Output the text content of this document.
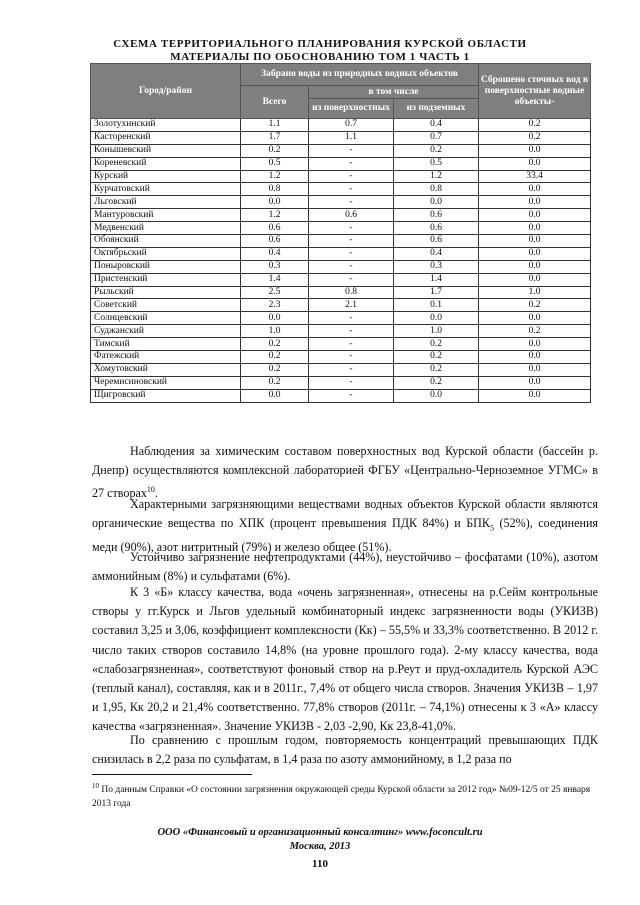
СХЕМА ТЕРРИТОРИАЛЬНОГО ПЛАНИРОВАНИЯ КУРСКОЙ ОБЛАСТИ
МАТЕРИАЛЫ ПО ОБОСНОВАНИЮ ТОМ 1 ЧАСТЬ 1
Город/район	Забрано воды из природных водных объектов			Сброшено сточных вод в поверхностные водные объекты-
	Всего	в том числе		
		из поверхностных	из подземных	
Золотухинский	1.1	0.7	0.4	0.2
Касторенский	1.7	1.1	0.7	0.2
Конышевский	0.2	-	0.2	0.0
Кореневский	0.5	-	0.5	0.0
Курский	1.2	-	1.2	33.4
Курчатовский	0.8	-	0.8	0.0
Льговский	0.0	-	0.0	0.0
Мантуровский	1.2	0.6	0.6	0.0
Медвенский	0.6	-	0.6	0.0
Обоянский	0.6	-	0.6	0.0
Октябрьский	0.4	-	0.4	0.0
Поныровский	0.3	-	0.3	0.0
Пристенский	1.4	-	1.4	0.0
Рыльский	2.5	0.8	1.7	1.0
Советский	2.3	2.1	0.1	0.2
Солнцевский	0.0	-	0.0	0.0
Суджанский	1.0	-	1.0	0.2
Тимский	0.2	-	0.2	0.0
Фатежский	0.2	-	0.2	0.0
Хомутовский	0.2	-	0.2	0.0
Черемисиновский	0.2	-	0.2	0.0
Щигровский	0.0	-	0.0	0.0
Наблюдения за химическим составом поверхностных вод Курской области (бассейн р. Днепр) осуществляются комплексной лабораторией ФГБУ «Центрально-Черноземное УГМС» в 27 створах$^{10}$.
Характерными загрязняющими веществами водных объектов Курской области являются органические вещества по ХПК (процент превышения ПДК 84%) и $БПК_5$ (52%), соединения меди (90%), азот нитритный (79%) и железо общее (51%).
Устойчиво загрязнение нефтепродуктами (44%), неустойчиво – фосфатами (10%), азотом аммонийным (8%) и сульфатами (6%).
К 3 «Б» классу качества, вода «очень загрязненная», отнесены на р.Сейм контрольные створы у гг.Курск и Льгов удельный комбинаторный индекс загрязненности воды (УКИЗВ) составил 3,25 и 3,06, коэффициент комплексности (Кк) – 55,5% и 33,3% соответственно. В 2012 г. число таких створов составило 14,8% (на уровне прошлого года). 2-му классу качества, вода «слабозагрязненная», соответствуют фоновый створ на р.Реут и пруд-охладитель Курской АЭС (теплый канал), составляя, как и в 2011г., 7,4% от общего числа створов. Значения УКИЗВ – 1,97 и 1,95, Кк 20,2 и 21,4% соответственно. 77,8% створов (2011г. – 74,1%) отнесены к 3 «А» классу качества «загрязненная». Значение УКИЗВ - 2,03 -2,90, Кк 23,8-41,0%.
По сравнению с прошлым годом, повторяемость концентраций превышающих ПДК снизилась в 2,2 раза по сульфатам, в 1,4 раза по азоту аммонийному, в 1,2 раза по
$^{10}$ По данным Справки «О состоянии загрязнения окружающей среды Курской области за 2012 год» №09-12/5 от 25 января 2013 года
ООО «Финансовый и организационный консалтинг» www.foconcult.ru
Москва, 2013
110
